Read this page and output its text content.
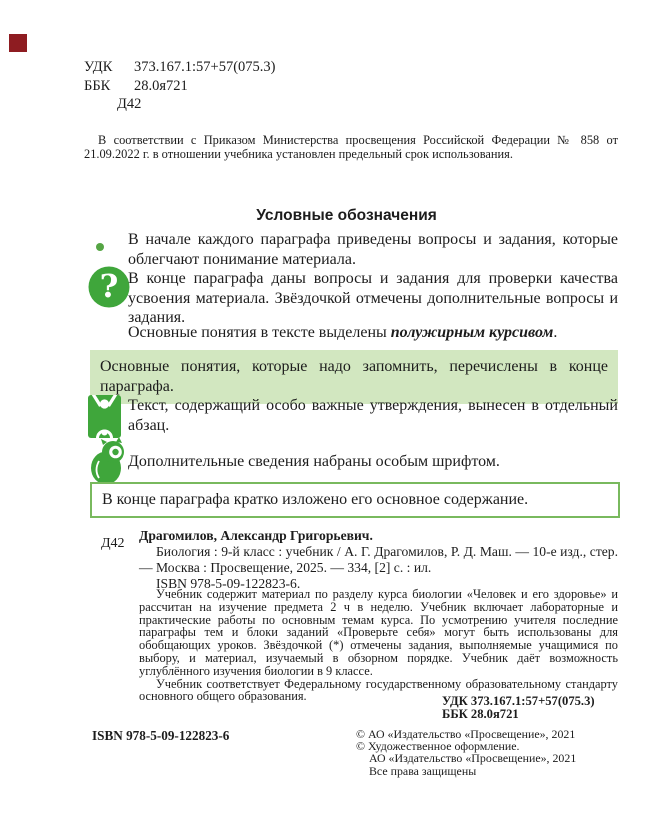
УДК 373.167.1:57+57(075.3)
ББК 28.0я721
Д42

В соответствии с Приказом Министерства просвещения Российской Федерации № 858 от 21.09.2022 г. в отношении учебника установлен предельный срок использования.

Условные обозначения

В начале каждого параграфа приведены вопросы и задания, которые облегчают понимание материала.

? В конце параграфа даны вопросы и задания для проверки качества усвоения материала. Звёздочкой отмечены дополнительные вопросы и задания.

Основные понятия в тексте выделены полужирным курсивом.

Основные понятия, которые надо запомнить, перечислены в конце параграфа.

Текст, содержащий особо важные утверждения, вынесен в отдельный абзац.

Дополнительные сведения набраны особым шрифтом.

В конце параграфа кратко изложено его основное содержание.
Д42
Драгомилов, Александр Григорьевич.

Биология : 9-й класс : учебник / А. Г. Драгомилов, Р. Д. Маш. — 10-е изд., стер. — Москва : Просвещение, 2025. — 334, [2] с. : ил.

ISBN 978-5-09-122823-6.

Учебник содержит материал по разделу курса биологии «Человек и его здоровье» и рассчитан на изучение предмета 2 ч в неделю. Учебник включает лабораторные и практические работы по основным темам курса. По усмотрению учителя последние параграфы тем и блоки заданий «Проверьте себя» могут быть использованы для обобщающих уроков. Звёздочкой (*) отмечены задания, выполняемые учащимися по выбору, и материал, изучаемый в обзорном порядке. Учебник даёт возможность углублённого изучения биологии в 9 классе.

Учебник соответствует Федеральному государственному образовательному стандарту основного общего образования.	УДК 373.167.1:57+57(075.3)
ББК 28.0я721
ISBN 978-5-09-122823-6	© АО «Издательство «Просвещение», 2021
© Художественное оформление.
АО «Издательство «Просвещение», 2021
Все права защищены
